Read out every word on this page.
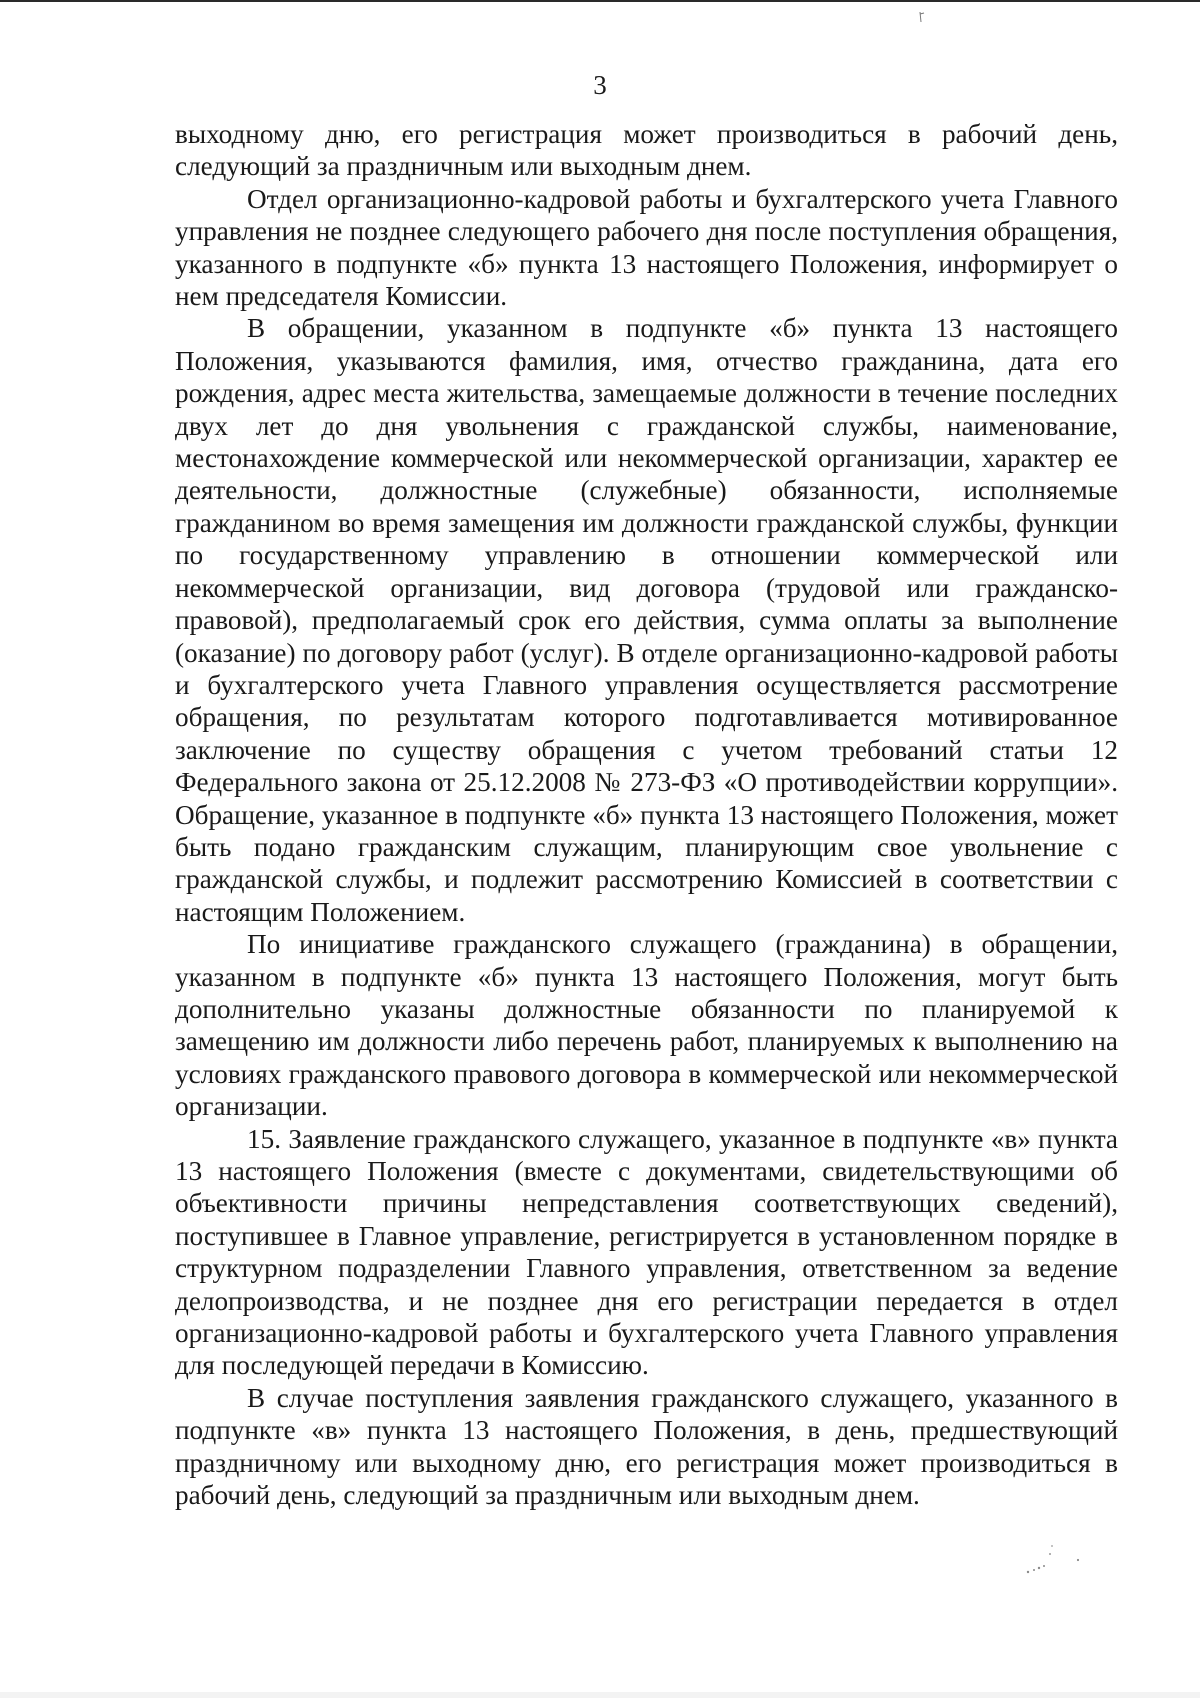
3

выходному дню, его регистрация может производиться в рабочий день, следующий за праздничным или выходным днем.

Отдел организационно-кадровой работы и бухгалтерского учета Главного управления не позднее следующего рабочего дня после поступления обращения, указанного в подпункте «б» пункта 13 настоящего Положения, информирует о нем председателя Комиссии.

В обращении, указанном в подпункте «б» пункта 13 настоящего Положения, указываются фамилия, имя, отчество гражданина, дата его рождения, адрес места жительства, замещаемые должности в течение последних двух лет до дня увольнения с гражданской службы, наименование, местонахождение коммерческой или некоммерческой организации, характер ее деятельности, должностные (служебные) обязанности, исполняемые гражданином во время замещения им должности гражданской службы, функции по государственному управлению в отношении коммерческой или некоммерческой организации, вид договора (трудовой или гражданско-правовой), предполагаемый срок его действия, сумма оплаты за выполнение (оказание) по договору работ (услуг). В отделе организационно-кадровой работы и бухгалтерского учета Главного управления осуществляется рассмотрение обращения, по результатам которого подготавливается мотивированное заключение по существу обращения с учетом требований статьи 12 Федерального закона от 25.12.2008 № 273-ФЗ «О противодействии коррупции». Обращение, указанное в подпункте «б» пункта 13 настоящего Положения, может быть подано гражданским служащим, планирующим свое увольнение с гражданской службы, и подлежит рассмотрению Комиссией в соответствии с настоящим Положением.

По инициативе гражданского служащего (гражданина) в обращении, указанном в подпункте «б» пункта 13 настоящего Положения, могут быть дополнительно указаны должностные обязанности по планируемой к замещению им должности либо перечень работ, планируемых к выполнению на условиях гражданского правового договора в коммерческой или некоммерческой организации.

15. Заявление гражданского служащего, указанное в подпункте «в» пункта 13 настоящего Положения (вместе с документами, свидетельствующими об объективности причины непредставления соответствующих сведений), поступившее в Главное управление, регистрируется в установленном порядке в структурном подразделении Главного управления, ответственном за ведение делопроизводства, и не позднее дня его регистрации передается в отдел организационно-кадровой работы и бухгалтерского учета Главного управления для последующей передачи в Комиссию.

В случае поступления заявления гражданского служащего, указанного в подпункте «в» пункта 13 настоящего Положения, в день, предшествующий праздничному или выходному дню, его регистрация может производиться в рабочий день, следующий за праздничным или выходным днем.
